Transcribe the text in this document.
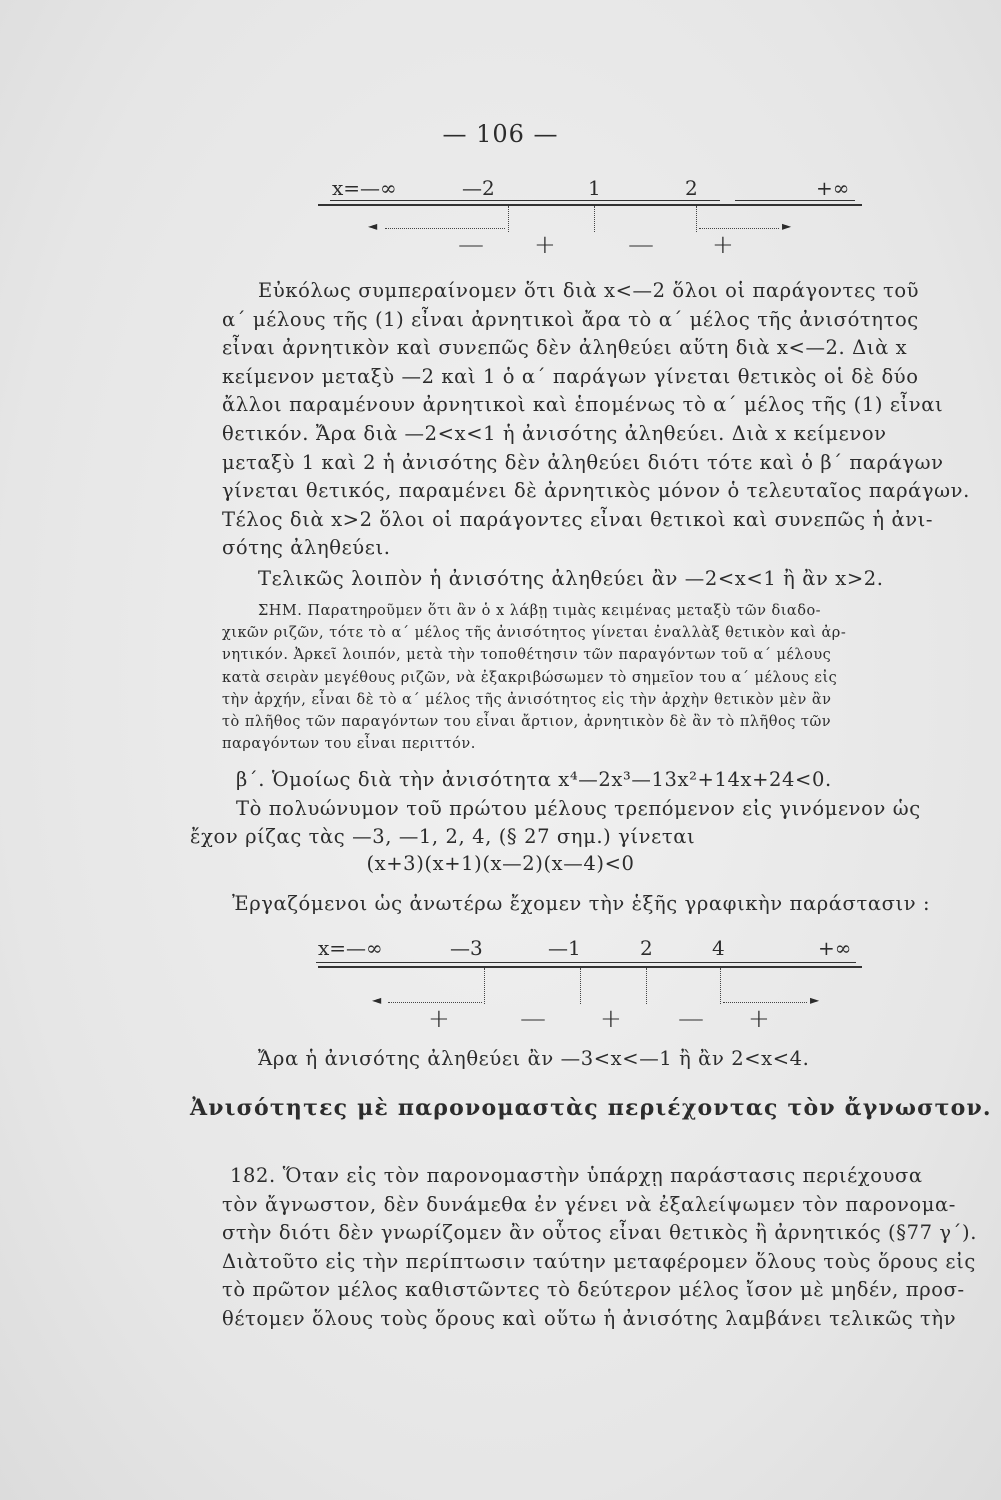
— 106 —
x=—∞	—2	1	2	+∞
◄	►
— +	— +
Εὐκόλως συμπεραίνομεν ὅτι διὰ x<—2 ὅλοι οἱ παράγοντες τοῦ
α΄ μέλους τῆς (1) εἶναι ἀρνητικοὶ ἄρα τὸ α΄ μέλος τῆς ἀνισότητος
εἶναι ἀρνητικὸν καὶ συνεπῶς δὲν ἀληθεύει αὕτη διὰ x<—2. Διὰ x
κείμενον μεταξὺ —2 καὶ 1 ὁ α΄ παράγων γίνεται θετικὸς οἱ δὲ δύο
ἄλλοι παραμένουν ἀρνητικοὶ καὶ ἑπομένως τὸ α΄ μέλος τῆς (1) εἶναι
θετικόν. Ἄρα διὰ —2<x<1 ἡ ἀνισότης ἀληθεύει. Διὰ x κείμενον
μεταξὺ 1 καὶ 2 ἡ ἀνισότης δὲν ἀληθεύει διότι τότε καὶ ὁ β΄ παράγων
γίνεται θετικός, παραμένει δὲ ἀρνητικὸς μόνον ὁ τελευταῖος παράγων.
Τέλος διὰ x>2 ὅλοι οἱ παράγοντες εἶναι θετικοὶ καὶ συνεπῶς ἡ ἀνι-
σότης ἀληθεύει.
Τελικῶς λοιπὸν ἡ ἀνισότης ἀληθεύει ἂν —2<x<1 ἢ ἂν x>2.
ΣΗΜ. Παρατηροῦμεν ὅτι ἂν ὁ x λάβῃ τιμὰς κειμένας μεταξὺ τῶν διαδο-
χικῶν ριζῶν, τότε τὸ α΄ μέλος τῆς ἀνισότητος γίνεται ἐναλλὰξ θετικὸν καὶ ἀρ-
νητικόν. Ἀρκεῖ λοιπόν, μετὰ τὴν τοποθέτησιν τῶν παραγόντων τοῦ α΄ μέλους
κατὰ σειρὰν μεγέθους ριζῶν, νὰ ἐξακριβώσωμεν τὸ σημεῖον του α΄ μέλους εἰς
τὴν ἀρχήν, εἶναι δὲ τὸ α΄ μέλος τῆς ἀνισότητος εἰς τὴν ἀρχὴν θετικὸν μὲν ἂν
τὸ πλῆθος τῶν παραγόντων του εἶναι ἄρτιον, ἀρνητικὸν δὲ ἂν τὸ πλῆθος τῶν
παραγόντων του εἶναι περιττόν.
β΄. Ὁμοίως διὰ τὴν ἀνισότητα x⁴—2x³—13x²+14x+24<0.
Τὸ πολυώνυμον τοῦ πρώτου μέλους τρεπόμενον εἰς γινόμενον ὡς
ἔχον ρίζας τὰς —3, —1, 2, 4, (§ 27 σημ.) γίνεται
(x+3)(x+1)(x—2)(x—4)<0
Ἐργαζόμενοι ὡς ἀνωτέρω ἔχομεν τὴν ἑξῆς γραφικὴν παράστασιν :
x=—∞	—3	—1	2	4	+∞
◄	►
+	— + — +
Ἄρα ἡ ἀνισότης ἀληθεύει ἂν —3<x<—1 ἢ ἂν 2<x<4.
Ἀνισότητες μὲ παρονομαστὰς περιέχοντας τὸν ἄγνωστον.
182. Ὅταν εἰς τὸν παρονομαστὴν ὑπάρχῃ παράστασις περιέχουσα
τὸν ἄγνωστον, δὲν δυνάμεθα ἐν γένει νὰ ἐξαλείψωμεν τὸν παρονομα-
στὴν διότι δὲν γνωρίζομεν ἂν οὗτος εἶναι θετικὸς ἢ ἀρνητικός (§77 γ΄).
Διὰτοῦτο εἰς τὴν περίπτωσιν ταύτην μεταφέρομεν ὅλους τοὺς ὅρους εἰς
τὸ πρῶτον μέλος καθιστῶντες τὸ δεύτερον μέλος ἴσον μὲ μηδέν, προσ-
θέτομεν ὅλους τοὺς ὅρους καὶ οὕτω ἡ ἀνισότης λαμβάνει τελικῶς τὴν
